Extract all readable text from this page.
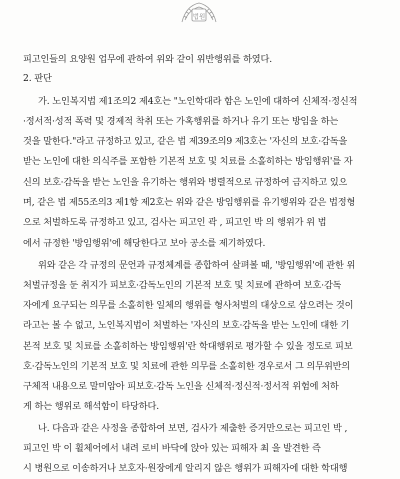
법원
피고인들의 요양원 업무에 관하여 위와 같이 위반행위를 하였다.
2. 판단
가. 노인복지법 제1조의2 제4호는 "노인학대라 함은 노인에 대하여 신체적·정신적
·정서적·성적 폭력 및 경제적 착취 또는 가혹행위를 하거나 유기 또는 방임을 하는
것을 말한다."라고 규정하고 있고, 같은 법 제39조의9 제3호는 '자신의 보호·감독을
받는 노인에 대한 의식주를 포함한 기본적 보호 및 치료를 소홀히하는 방임행위'를 자
신의 보호·감독을 받는 노인을 유기하는 행위와 병렬적으로 규정하여 금지하고 있으
며, 같은 법 제55조의3 제1항 제2호는 위와 같은 방임행위를 유기행위와 같은 법정형
으로 처벌하도록 규정하고 있고, 검사는 피고인 곽 , 피고인 박 의 행위가 위 법
에서 규정한 '방임행위'에 해당한다고 보아 공소를 제기하였다.
위와 같은 각 규정의 문언과 규정체계를 종합하여 살펴볼 때, '방임행위'에 관한 위
처벌규정을 둔 취지가 피보호·감독노인의 기본적 보호 및 치료에 관하여 보호·감독
자에게 요구되는 의무를 소홀히한 일체의 행위를 형사처벌의 대상으로 삼으려는 것이
라고는 볼 수 없고, 노인복지법이 처벌하는 '자신의 보호·감독을 받는 노인에 대한 기
본적 보호 및 치료를 소홀히하는 방임행위'란 학대행위로 평가할 수 있을 정도로 피보
호·감독노인의 기본적 보호 및 치료에 관한 의무를 소홀히한 경우로서 그 의무위반의
구체적 내용으로 말미암아 피보호·감독 노인을 신체적·정신적·정서적 위험에 처하
게 하는 행위로 해석함이 타당하다.
나. 다음과 같은 사정을 종합하여 보면, 검사가 제출한 증거만으로는 피고인 박 ,
피고인 박 이 휠체어에서 내려 로비 바닥에 앉아 있는 피해자 최 을 발견한 즉
시 병원으로 이송하거나 보호자·원장에게 알리지 않은 행위가 피해자에 대한 학대행
